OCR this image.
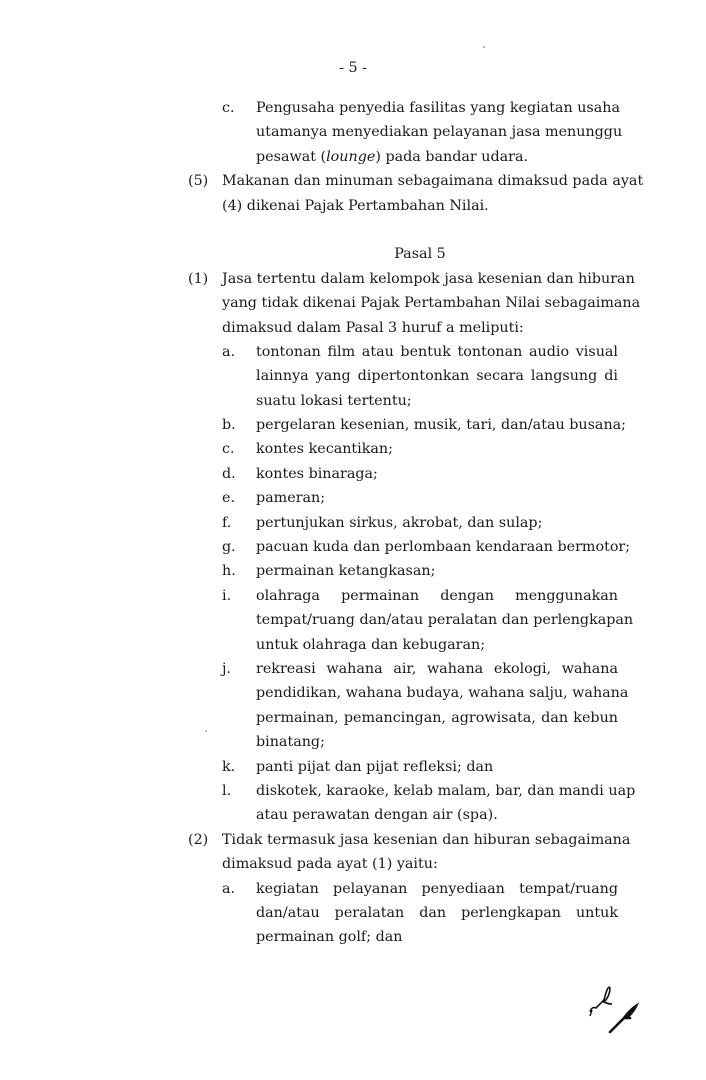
- 5 -
c. Pengusaha penyedia fasilitas yang kegiatan usaha
utamanya menyediakan pelayanan jasa menunggu
pesawat (lounge) pada bandar udara.
(5) Makanan dan minuman sebagaimana dimaksud pada ayat
(4) dikenai Pajak Pertambahan Nilai.
Pasal 5
(1) Jasa tertentu dalam kelompok jasa kesenian dan hiburan
yang tidak dikenai Pajak Pertambahan Nilai sebagaimana
dimaksud dalam Pasal 3 huruf a meliputi:
a. tontonan film atau bentuk tontonan audio visual
lainnya yang dipertontonkan secara langsung di
suatu lokasi tertentu;
b. pergelaran kesenian, musik, tari, dan/atau busana;
c. kontes kecantikan;
d. kontes binaraga;
e. pameran;
f. pertunjukan sirkus, akrobat, dan sulap;
g. pacuan kuda dan perlombaan kendaraan bermotor;
h. permainan ketangkasan;
i. olahraga permainan dengan menggunakan
tempat/ruang dan/atau peralatan dan perlengkapan
untuk olahraga dan kebugaran;
j. rekreasi wahana air, wahana ekologi, wahana
pendidikan, wahana budaya, wahana salju, wahana
permainan, pemancingan, agrowisata, dan kebun
binatang;
k. panti pijat dan pijat refleksi; dan
l. diskotek, karaoke, kelab malam, bar, dan mandi uap
atau perawatan dengan air (spa).
(2) Tidak termasuk jasa kesenian dan hiburan sebagaimana
dimaksud pada ayat (1) yaitu:
a. kegiatan pelayanan penyediaan tempat/ruang
dan/atau peralatan dan perlengkapan untuk
permainan golf; dan
